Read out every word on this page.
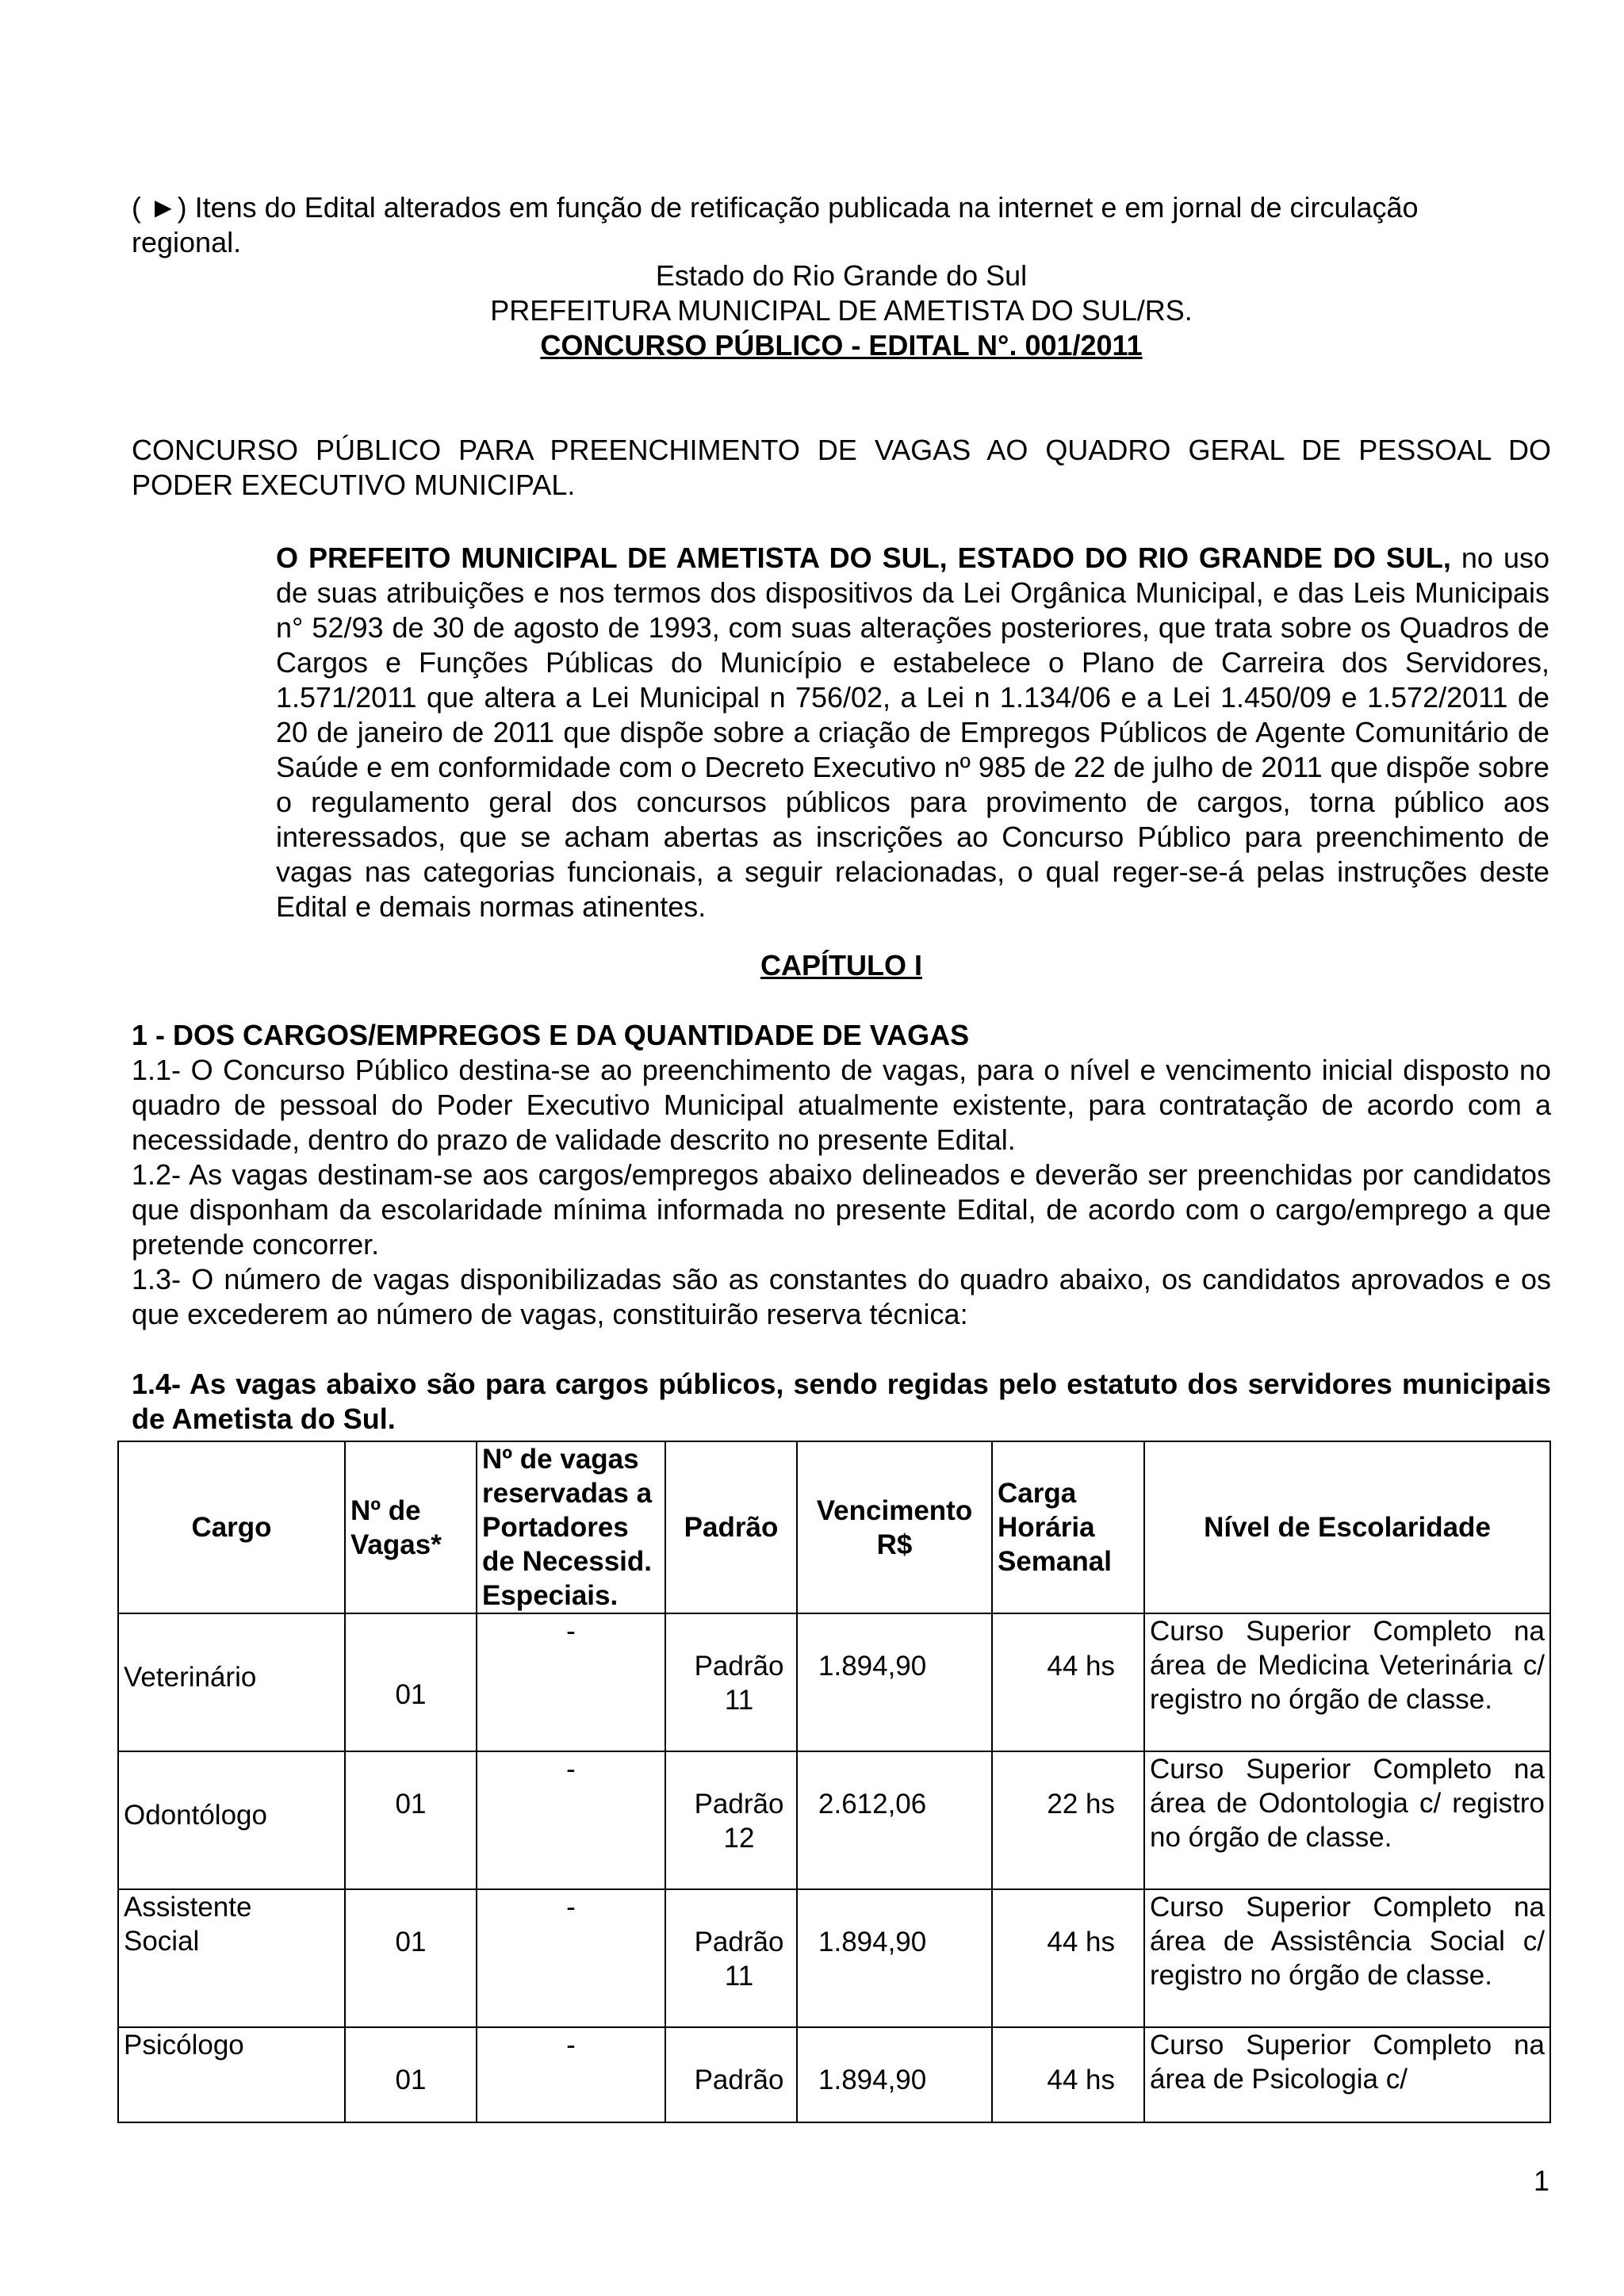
( ►) Itens do Edital alterados em função de retificação publicada na internet e em jornal de circulação
regional.

Estado do Rio Grande do Sul

PREFEITURA MUNICIPAL DE AMETISTA DO SUL/RS.

CONCURSO PÚBLICO - EDITAL N°. 001/2011

CONCURSO PÚBLICO PARA PREENCHIMENTO DE VAGAS AO QUADRO GERAL DE PESSOAL DO PODER EXECUTIVO MUNICIPAL.

O PREFEITO MUNICIPAL DE AMETISTA DO SUL, ESTADO DO RIO GRANDE DO SUL, no uso de suas atribuições e nos termos dos dispositivos da Lei Orgânica Municipal, e das Leis Municipais n° 52/93 de 30 de agosto de 1993, com suas alterações posteriores, que trata sobre os Quadros de Cargos e Funções Públicas do Município e estabelece o Plano de Carreira dos Servidores, 1.571/2011 que altera a Lei Municipal n 756/02, a Lei n 1.134/06 e a Lei 1.450/09 e 1.572/2011 de 20 de janeiro de 2011 que dispõe sobre a criação de Empregos Públicos de Agente Comunitário de Saúde e em conformidade com o Decreto Executivo nº 985 de 22 de julho de 2011 que dispõe sobre o regulamento geral dos concursos públicos para provimento de cargos, torna público aos interessados, que se acham abertas as inscrições ao Concurso Público para preenchimento de vagas nas categorias funcionais, a seguir relacionadas, o qual reger-se-á pelas instruções deste Edital e demais normas atinentes.

CAPÍTULO I

1 - DOS CARGOS/EMPREGOS E DA QUANTIDADE DE VAGAS

1.1- O Concurso Público destina-se ao preenchimento de vagas, para o nível e vencimento inicial disposto no quadro de pessoal do Poder Executivo Municipal atualmente existente, para contratação de acordo com a necessidade, dentro do prazo de validade descrito no presente Edital.

1.2- As vagas destinam-se aos cargos/empregos abaixo delineados e deverão ser preenchidas por candidatos que disponham da escolaridade mínima informada no presente Edital, de acordo com o cargo/emprego a que pretende concorrer.

1.3- O número de vagas disponibilizadas são as constantes do quadro abaixo, os candidatos aprovados e os que excederem ao número de vagas, constituirão reserva técnica:

1.4- As vagas abaixo são para cargos públicos, sendo regidas pelo estatuto dos servidores municipais de Ametista do Sul.

Cargo	Nº de Vagas*	Nº de vagas reservadas a Portadores de Necessid. Especiais.	Padrão	Vencimento R$	Carga Horária Semanal	Nível de Escolaridade

Veterinário	01	-	Padrão 11	1.894,90	44 hs	Curso Superior Completo na área de Medicina Veterinária c/ registro no órgão de classe.

Odontólogo	01	-	Padrão 12	2.612,06	22 hs	Curso Superior Completo na área de Odontologia c/ registro no órgão de classe.

Assistente Social	01	-	Padrão 11	1.894,90	44 hs	Curso Superior Completo na área de Assistência Social c/ registro no órgão de classe.

Psicólogo	01	-	Padrão	1.894,90	44 hs	Curso Superior Completo na área de Psicologia c/
1
